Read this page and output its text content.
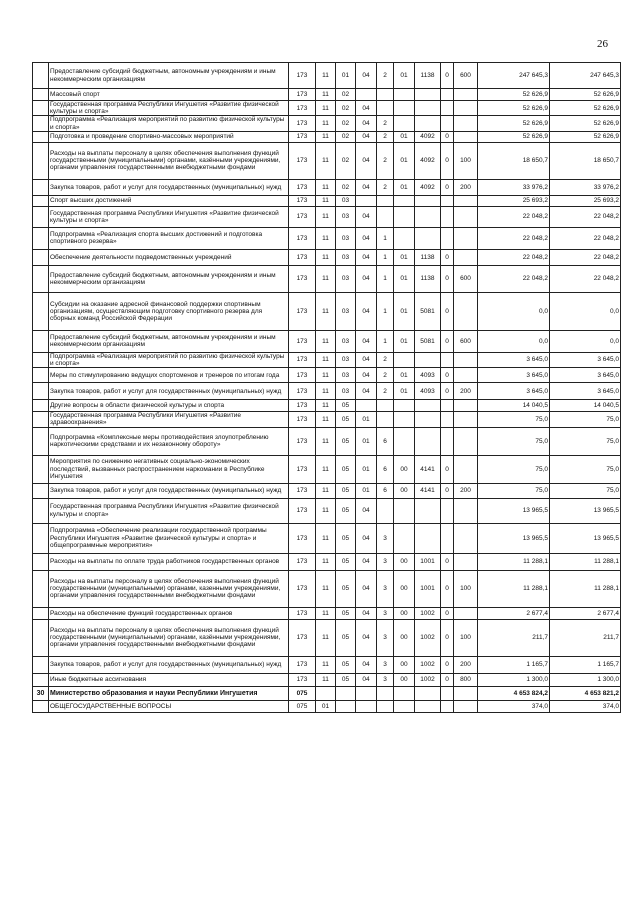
26
	Предоставление субсидий бюджетным, автономным учреждениям и иным некоммерческим организациям	173	11	01	04	2	01	1138	0	600	247 645,3	247 645,3
	Массовый спорт	173	11	02							52 626,9	52 626,9
	Государственная программа Республики Ингушетия «Развитие физической культуры и спорта»	173	11	02	04						52 626,9	52 626,9
	Подпрограмма «Реализация мероприятий по развитию физической культуры и спорта»	173	11	02	04	2					52 626,9	52 626,9
	Подготовка и проведение спортивно-массовых мероприятий	173	11	02	04	2	01	4092	0		52 626,9	52 626,9
	Расходы на выплаты персоналу в целях обеспечения выполнения функций государственными (муниципальными) органами, казёнными учреждениями, органами управления государственными внебюджетными фондами	173	11	02	04	2	01	4092	0	100	18 650,7	18 650,7
	Закупка товаров, работ и услуг для государственных (муниципальных) нужд	173	11	02	04	2	01	4092	0	200	33 976,2	33 976,2
	Спорт высших достижений	173	11	03							25 693,2	25 693,2
	Государственная программа Республики Ингушетия «Развитие физической культуры и спорта»	173	11	03	04						22 048,2	22 048,2
	Подпрограмма «Реализация спорта высших достижений и подготовка спортивного резерва»	173	11	03	04	1					22 048,2	22 048,2
	Обеспечение деятельности подведомственных учреждений	173	11	03	04	1	01	1138	0		22 048,2	22 048,2
	Предоставление субсидий бюджетным, автономным учреждениям и иным некоммерческим организациям	173	11	03	04	1	01	1138	0	600	22 048,2	22 048,2
	Субсидии на оказание адресной финансовой поддержки спортивным организациям, осуществляющим подготовку спортивного резерва для сборных команд Российской Федерации	173	11	03	04	1	01	5081	0		0,0	0,0
	Предоставление субсидий бюджетным, автономным учреждениям и иным некоммерческим организациям	173	11	03	04	1	01	5081	0	600	0,0	0,0
	Подпрограмма «Реализация мероприятий по развитию физической культуры и спорта»	173	11	03	04	2					3 645,0	3 645,0
	Меры по стимулированию ведущих спортсменов и тренеров по итогам года	173	11	03	04	2	01	4093	0		3 645,0	3 645,0
	Закупка товаров, работ и услуг для государственных (муниципальных) нужд	173	11	03	04	2	01	4093	0	200	3 645,0	3 645,0
	Другие вопросы в области физической культуры и спорта	173	11	05							14 040,5	14 040,5
	Государственная программа Республики Ингушетия «Развитие здравоохранения»	173	11	05	01						75,0	75,0
	Подпрограмма «Комплексные меры противодействия злоупотреблению наркотическими средствами и их незаконному обороту»	173	11	05	01	6					75,0	75,0
	Мероприятия по снижению негативных социально-экономических последствий, вызванных распространением наркомании в Республике Ингушетия	173	11	05	01	6	00	4141	0		75,0	75,0
	Закупка товаров, работ и услуг для государственных (муниципальных) нужд	173	11	05	01	6	00	4141	0	200	75,0	75,0
	Государственная программа Республики Ингушетия «Развитие физической культуры и спорта»	173	11	05	04						13 965,5	13 965,5
	Подпрограмма «Обеспечение реализации государственной программы Республики Ингушетия «Развитие физической культуры и спорта» и общепрограммные мероприятия»	173	11	05	04	3					13 965,5	13 965,5
	Расходы на выплаты по оплате труда работников государственных органов	173	11	05	04	3	00	1001	0		11 288,1	11 288,1
	Расходы на выплаты персоналу в целях обеспечения выполнения функций государственными (муниципальными) органами, казенными учреждениями, органами управления государственными внебюджетными фондами	173	11	05	04	3	00	1001	0	100	11 288,1	11 288,1
	Расходы на обеспечение функций государственных органов	173	11	05	04	3	00	1002	0		2 677,4	2 677,4
	Расходы на выплаты персоналу в целях обеспечения выполнения функций государственными (муниципальными) органами, казёнными учреждениями, органами управления государственными внебюджетными фондами	173	11	05	04	3	00	1002	0	100	211,7	211,7
	Закупка товаров, работ и услуг для государственных (муниципальных) нужд	173	11	05	04	3	00	1002	0	200	1 165,7	1 165,7
	Иные бюджетные ассигнования	173	11	05	04	3	00	1002	0	800	1 300,0	1 300,0
30	Министерство образования и науки Республики Ингушетия	075									4 653 824,2	4 653 821,2
	ОБЩЕГОСУДАРСТВЕННЫЕ ВОПРОСЫ	075	01								374,0	374,0
